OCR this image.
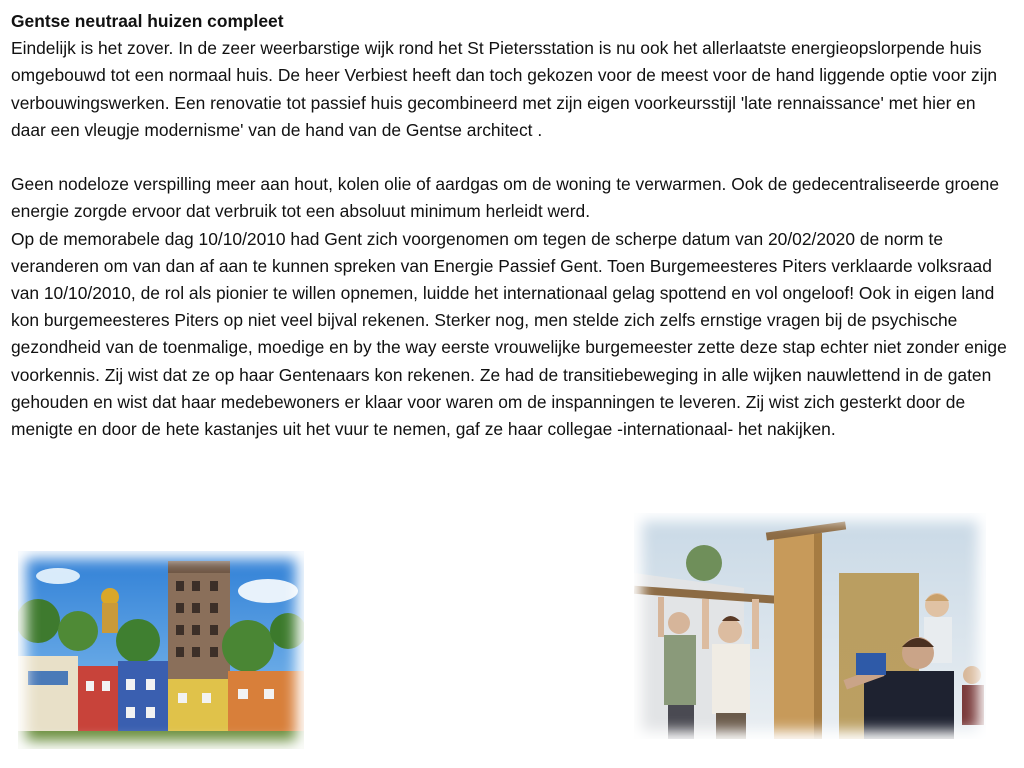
Gentse neutraal huizen compleet

Eindelijk is het zover. In de zeer weerbarstige wijk rond het St Pietersstation is nu ook het allerlaatste energieopslorpende huis omgebouwd tot een normaal huis. De heer Verbiest heeft dan toch gekozen voor de meest voor de hand liggende optie voor zijn verbouwingswerken. Een renovatie tot passief huis gecombineerd met zijn eigen voorkeursstijl 'late rennaissance' met hier en daar een vleugje modernisme' van de hand van de Gentse architect .

Geen nodeloze verspilling meer aan hout, kolen olie of aardgas om de woning te verwarmen. Ook de gedecentraliseerde groene energie zorgde ervoor dat verbruik tot een absoluut minimum herleidt werd.

Op de memorabele dag 10/10/2010 had Gent zich voorgenomen om tegen de scherpe datum van 20/02/2020 de norm te veranderen om van dan af aan te kunnen spreken van Energie Passief Gent. Toen Burgemeesteres Piters verklaarde volksraad van 10/10/2010, de rol als pionier te willen opnemen, luidde het internationaal gelag spottend en vol ongeloof! Ook in eigen land kon burgemeesteres Piters op niet veel bijval rekenen. Sterker nog, men stelde zich zelfs ernstige vragen bij de psychische gezondheid van de toenmalige, moedige en by the way eerste vrouwelijke burgemeester zette deze stap echter niet zonder enige voorkennis. Zij wist dat ze op haar Gentenaars kon rekenen. Ze had de transitiebeweging in alle wijken nauwlettend in de gaten gehouden en wist dat haar medebewoners er klaar voor waren om de inspanningen te leveren. Zij wist zich gesterkt door de menigte en door de hete kastanjes uit het vuur te nemen, gaf ze haar collegae -internationaal- het nakijken.
